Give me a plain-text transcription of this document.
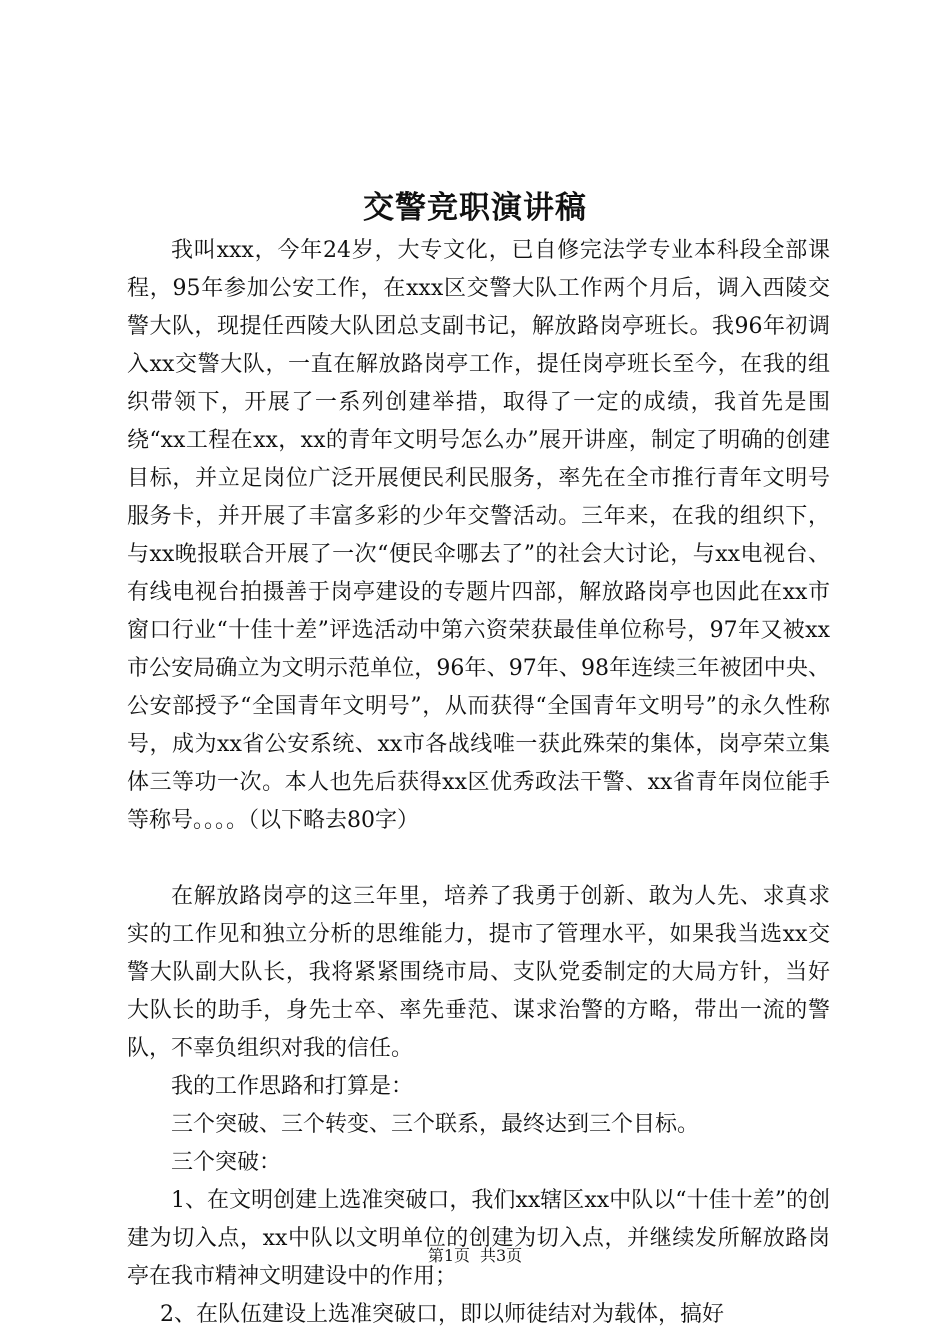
交警竞职演讲稿

我叫xxx，今年24岁，大专文化，已自修完法学专业本科段全部课程，95年参加公安工作，在xxx区交警大队工作两个月后，调入西陵交警大队，现提任西陵大队团总支副书记，解放路岗亭班长。我96年初调入xx交警大队，一直在解放路岗亭工作，提任岗亭班长至今，在我的组织带领下，开展了一系列创建举措，取得了一定的成绩，我首先是围绕“xx工程在xx，xx的青年文明号怎么办”展开讲座，制定了明确的创建目标，并立足岗位广泛开展便民利民服务，率先在全市推行青年文明号服务卡，并开展了丰富多彩的少年交警活动。三年来，在我的组织下，与xx晚报联合开展了一次“便民伞哪去了”的社会大讨论，与xx电视台、有线电视台拍摄善于岗亭建设的专题片四部，解放路岗亭也因此在xx市窗口行业“十佳十差”评选活动中第六资荣获最佳单位称号，97年又被xx市公安局确立为文明示范单位，96年、97年、98年连续三年被团中央、公安部授予“全国青年文明号”，从而获得“全国青年文明号”的永久性称号，成为xx省公安系统、xx市各战线唯一获此殊荣的集体，岗亭荣立集体三等功一次。本人也先后获得xx区优秀政法干警、xx省青年岗位能手等称号。。。。（以下略去80字）

在解放路岗亭的这三年里，培养了我勇于创新、敢为人先、求真求实的工作见和独立分析的思维能力，提市了管理水平，如果我当选xx交警大队副大队长，我将紧紧围绕市局、支队党委制定的大局方针，当好大队长的助手，身先士卒、率先垂范、谋求治警的方略，带出一流的警队，不辜负组织对我的信任。

我的工作思路和打算是：

三个突破、三个转变、三个联系，最终达到三个目标。

三个突破：

1、在文明创建上选准突破口，我们xx辖区xx中队以“十佳十差”的创建为切入点，xx中队以文明单位的创建为切入点，并继续发所解放路岗亭在我市精神文明建设中的作用；

2、在队伍建设上选准突破口，即以师徒结对为载体，搞好

第1页 共3页
